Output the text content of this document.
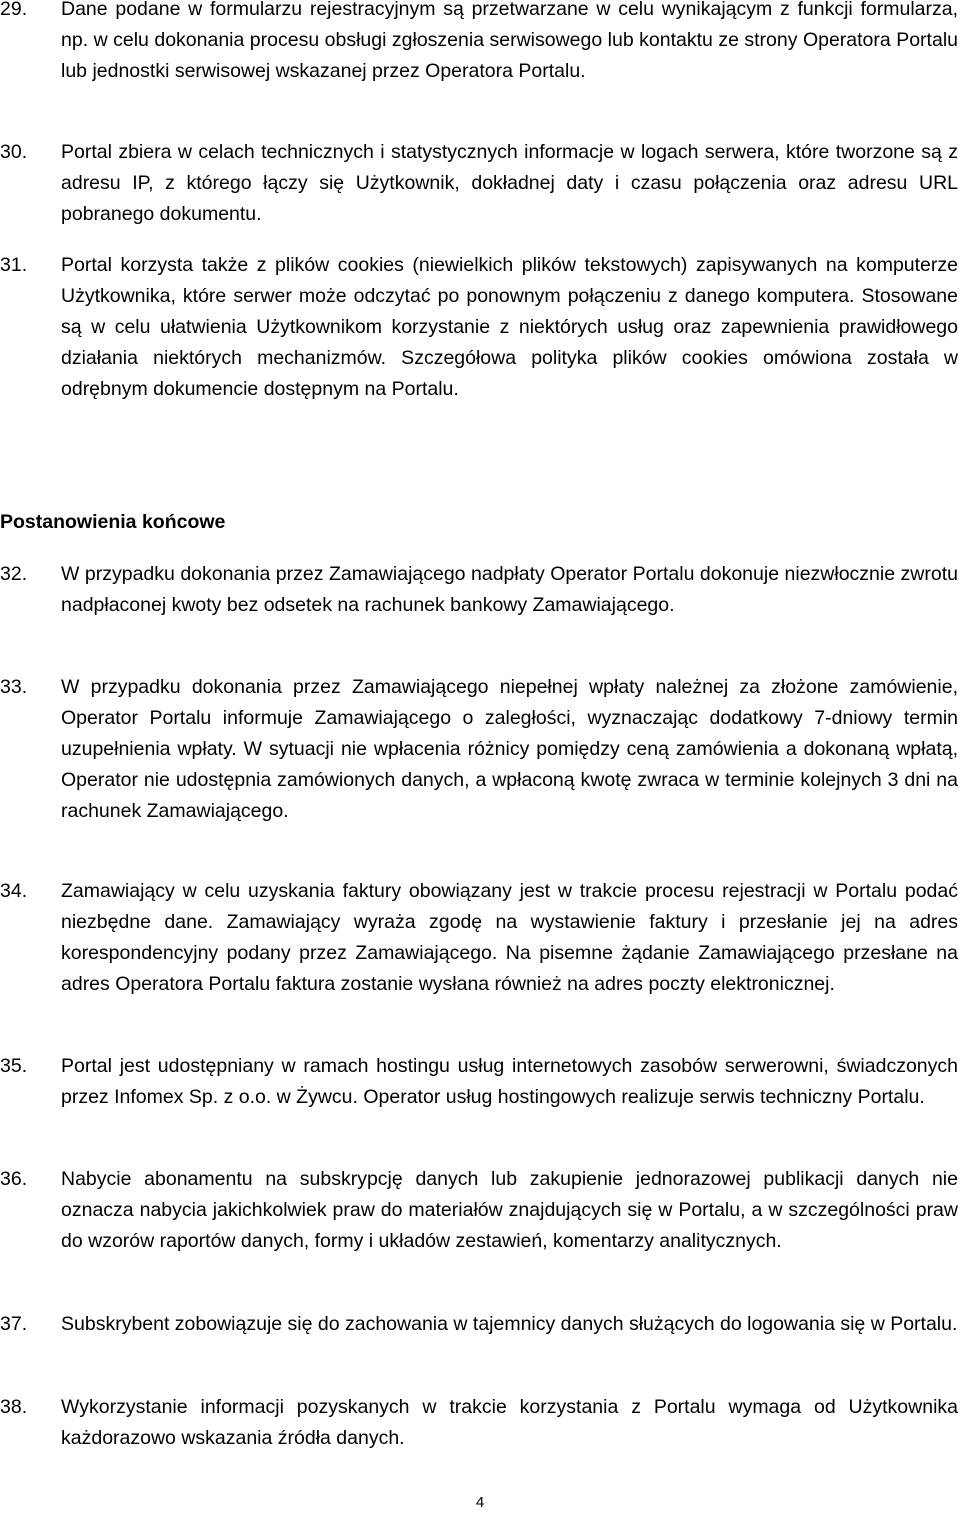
29.	Dane podane w formularzu rejestracyjnym są przetwarzane w celu wynikającym z funkcji formularza, np. w celu dokonania procesu obsługi zgłoszenia serwisowego lub kontaktu ze strony Operatora Portalu lub jednostki serwisowej wskazanej przez Operatora Portalu.
30.	Portal zbiera w celach technicznych i statystycznych informacje w logach serwera, które tworzone są z adresu IP, z którego łączy się Użytkownik, dokładnej daty i czasu połączenia oraz adresu URL pobranego dokumentu.
31.	Portal korzysta także z plików cookies (niewielkich plików tekstowych) zapisywanych na komputerze Użytkownika, które serwer może odczytać po ponownym połączeniu z danego komputera. Stosowane są w celu ułatwienia Użytkownikom korzystanie z niektórych usług oraz zapewnienia prawidłowego działania niektórych mechanizmów. Szczegółowa polityka plików cookies omówiona została w odrębnym dokumencie dostępnym na Portalu.
Postanowienia końcowe
32.	W przypadku dokonania przez Zamawiającego nadpłaty Operator Portalu dokonuje niezwłocznie zwrotu nadpłaconej kwoty bez odsetek na rachunek bankowy Zamawiającego.
33.	W przypadku dokonania przez Zamawiającego niepełnej wpłaty należnej za złożone zamówienie, Operator Portalu informuje Zamawiającego o zaległości, wyznaczając dodatkowy 7-dniowy termin uzupełnienia wpłaty. W sytuacji nie wpłacenia różnicy pomiędzy ceną zamówienia a dokonaną wpłatą, Operator nie udostępnia zamówionych danych, a wpłaconą kwotę zwraca w terminie kolejnych 3 dni na rachunek Zamawiającego.
34.	Zamawiający w celu uzyskania faktury obowiązany jest w trakcie procesu rejestracji w Portalu podać niezbędne dane. Zamawiający wyraża zgodę na wystawienie faktury i przesłanie jej na adres korespondencyjny podany przez Zamawiającego. Na pisemne żądanie Zamawiającego przesłane na adres Operatora Portalu faktura zostanie wysłana również na adres poczty elektronicznej.
35.	Portal jest udostępniany w ramach hostingu usług internetowych zasobów serwerowni, świadczonych przez Infomex Sp. z o.o. w Żywcu. Operator usług hostingowych realizuje serwis techniczny Portalu.
36.	Nabycie abonamentu na subskrypcję danych lub zakupienie jednorazowej publikacji danych nie oznacza nabycia jakichkolwiek praw do materiałów znajdujących się w Portalu, a w szczególności praw do wzorów raportów danych, formy i układów zestawień, komentarzy analitycznych.
37.	Subskrybent zobowiązuje się do zachowania w tajemnicy danych służących do logowania się w Portalu.
38.	Wykorzystanie informacji pozyskanych w trakcie korzystania z Portalu wymaga od Użytkownika każdorazowo wskazania źródła danych.
4
